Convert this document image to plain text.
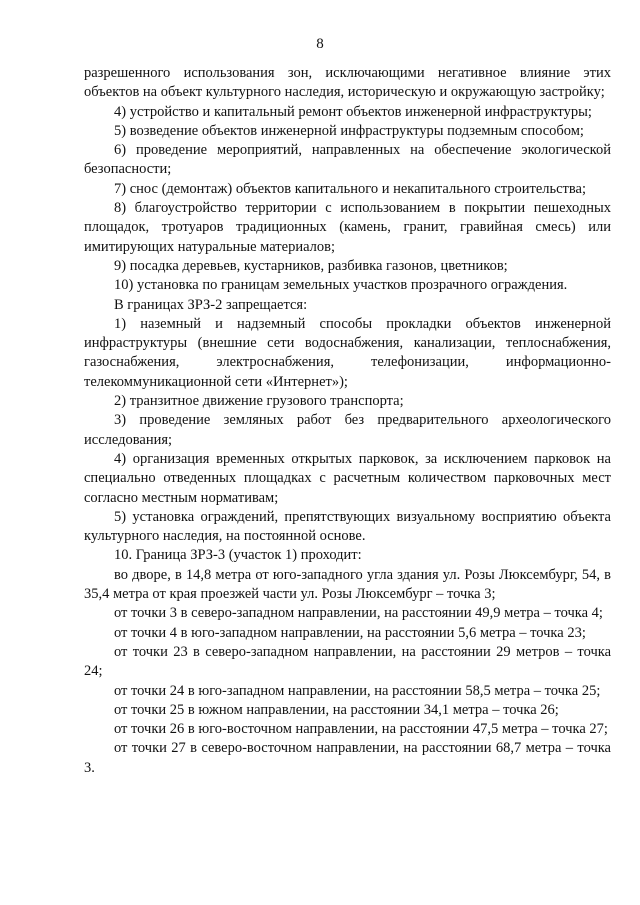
8

разрешенного использования зон, исключающими негативное влияние этих объектов на объект культурного наследия, историческую и окружающую застройку;

4) устройство и капитальный ремонт объектов инженерной инфраструктуры;

5) возведение объектов инженерной инфраструктуры подземным способом;

6) проведение мероприятий, направленных на обеспечение экологической безопасности;

7) снос (демонтаж) объектов капитального и некапитального строительства;

8) благоустройство территории с использованием в покрытии пешеходных площадок, тротуаров традиционных (камень, гранит, гравийная смесь) или имитирующих натуральные материалов;

9) посадка деревьев, кустарников, разбивка газонов, цветников;

10) установка по границам земельных участков прозрачного ограждения.

В границах ЗРЗ-2 запрещается:

1) наземный и надземный способы прокладки объектов инженерной инфраструктуры (внешние сети водоснабжения, канализации, теплоснабжения, газоснабжения, электроснабжения, телефонизации, информационно-телекоммуникационной сети «Интернет»);

2) транзитное движение грузового транспорта;

3) проведение земляных работ без предварительного археологического исследования;

4) организация временных открытых парковок, за исключением парковок на специально отведенных площадках с расчетным количеством парковочных мест согласно местным нормативам;

5) установка ограждений, препятствующих визуальному восприятию объекта культурного наследия, на постоянной основе.

10. Граница ЗРЗ-3 (участок 1) проходит:

во дворе, в 14,8 метра от юго-западного угла здания ул. Розы Люксембург, 54, в 35,4 метра от края проезжей части ул. Розы Люксембург – точка 3;

от точки 3 в северо-западном направлении, на расстоянии 49,9 метра – точка 4;

от точки 4 в юго-западном направлении, на расстоянии 5,6 метра – точка 23;

от точки 23 в северо-западном направлении, на расстоянии 29 метров – точка 24;

от точки 24 в юго-западном направлении, на расстоянии 58,5 метра – точка 25;

от точки 25 в южном направлении, на расстоянии 34,1 метра – точка 26;

от точки 26 в юго-восточном направлении, на расстоянии 47,5 метра – точка 27;

от точки 27 в северо-восточном направлении, на расстоянии 68,7 метра – точка 3.
